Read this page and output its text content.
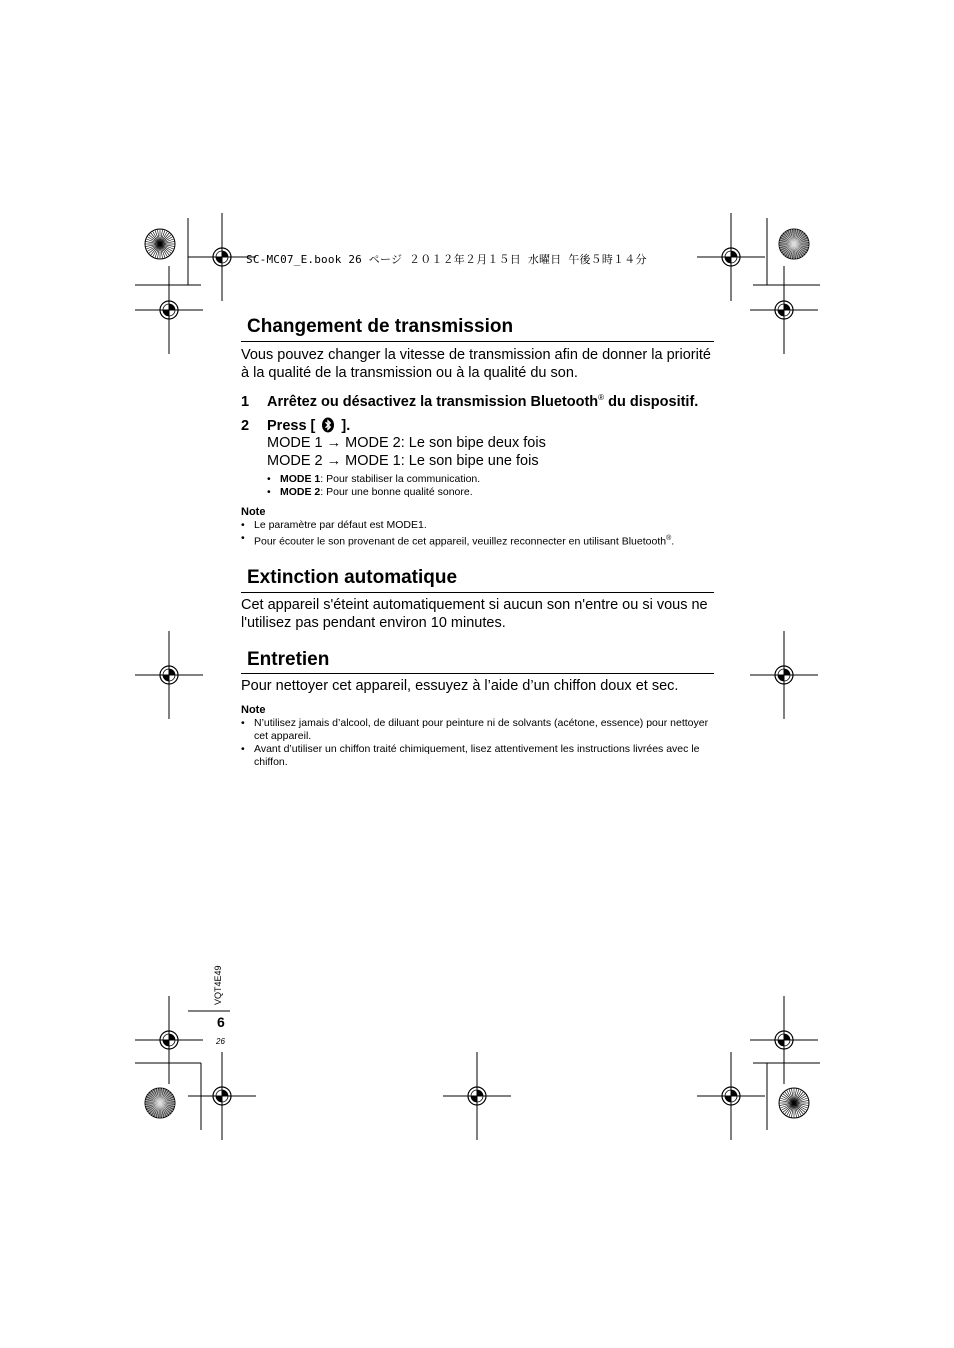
SC-MC07_E.book 26 ページ ２０１２年２月１５日 水曜日 午後５時１４分
Changement de transmission
Vous pouvez changer la vitesse de transmission afin de donner la priorité à la qualité de la transmission ou à la qualité du son.
1 Arrêtez ou désactivez la transmission Bluetooth® du dispositif.
2 Press [  ].
MODE 1 → MODE 2: Le son bipe deux fois
MODE 2 → MODE 1: Le son bipe une fois
• MODE 1: Pour stabiliser la communication.
• MODE 2: Pour une bonne qualité sonore.
Note
• Le paramètre par défaut est MODE1.
• Pour écouter le son provenant de cet appareil, veuillez reconnecter en utilisant Bluetooth®.
Extinction automatique
Cet appareil s'éteint automatiquement si aucun son n'entre ou si vous ne l'utilisez pas pendant environ 10 minutes.
Entretien
Pour nettoyer cet appareil, essuyez à l’aide d’un chiffon doux et sec.
Note
• N’utilisez jamais d’alcool, de diluant pour peinture ni de solvants (acétone, essence) pour nettoyer cet appareil.
• Avant d’utiliser un chiffon traité chimiquement, lisez attentivement les instructions livrées avec le chiffon.
VQT4E49
6
26
